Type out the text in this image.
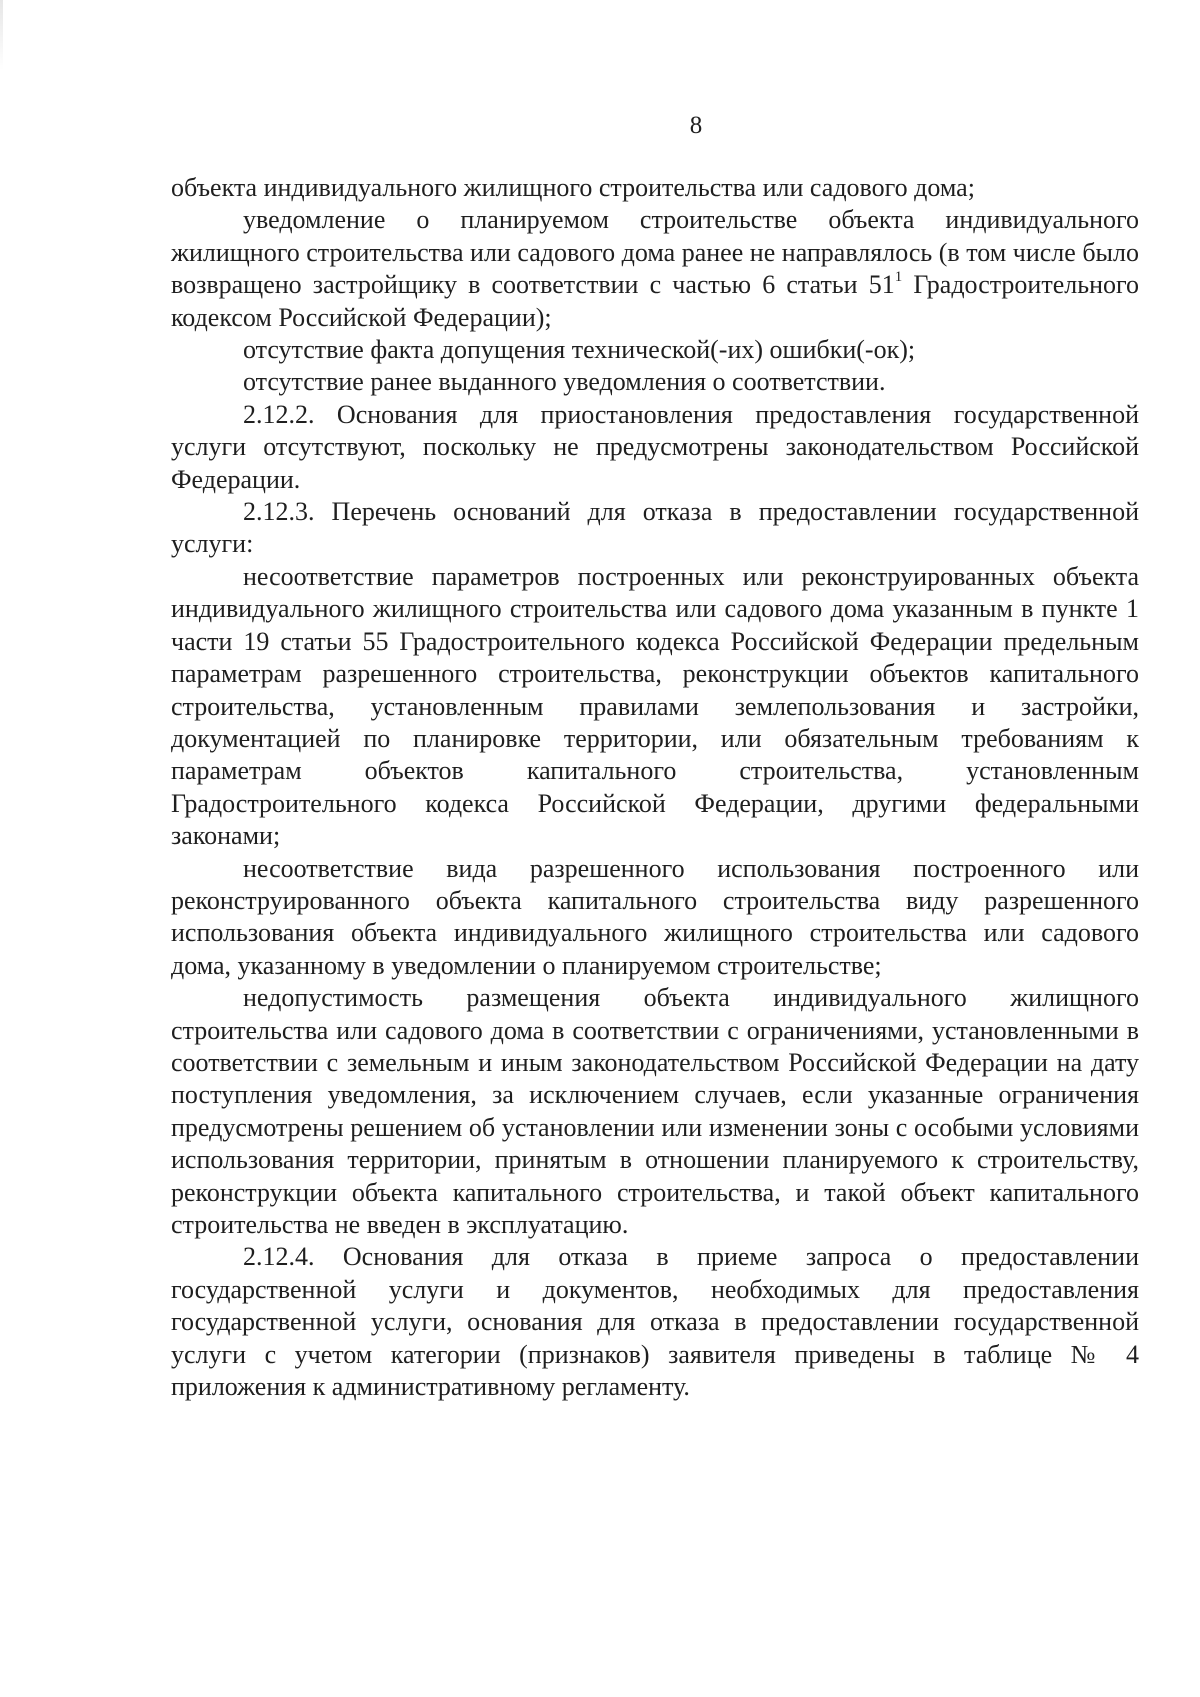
8

объекта индивидуального жилищного строительства или садового дома;

уведомление о планируемом строительстве объекта индивидуального жилищного строительства или садового дома ранее не направлялось (в том числе было возвращено застройщику в соответствии с частью 6 статьи $51^1$ Градостроительного кодексом Российской Федерации);

отсутствие факта допущения технической(-их) ошибки(-ок);

отсутствие ранее выданного уведомления о соответствии.

2.12.2. Основания для приостановления предоставления государственной услуги отсутствуют, поскольку не предусмотрены законодательством Российской Федерации.

2.12.3. Перечень оснований для отказа в предоставлении государственной услуги:

несоответствие параметров построенных или реконструированных объекта индивидуального жилищного строительства или садового дома указанным в пункте 1 части 19 статьи 55 Градостроительного кодекса Российской Федерации предельным параметрам разрешенного строительства, реконструкции объектов капитального строительства, установленным правилами землепользования и застройки, документацией по планировке территории, или обязательным требованиям к параметрам объектов капитального строительства, установленным Градостроительного кодекса Российской Федерации, другими федеральными законами;

несоответствие вида разрешенного использования построенного или реконструированного объекта капитального строительства виду разрешенного использования объекта индивидуального жилищного строительства или садового дома, указанному в уведомлении о планируемом строительстве;

недопустимость размещения объекта индивидуального жилищного строительства или садового дома в соответствии с ограничениями, установленными в соответствии с земельным и иным законодательством Российской Федерации на дату поступления уведомления, за исключением случаев, если указанные ограничения предусмотрены решением об установлении или изменении зоны с особыми условиями использования территории, принятым в отношении планируемого к строительству, реконструкции объекта капитального строительства, и такой объект капитального строительства не введен в эксплуатацию.

2.12.4. Основания для отказа в приеме запроса о предоставлении государственной услуги и документов, необходимых для предоставления государственной услуги, основания для отказа в предоставлении государственной услуги с учетом категории (признаков) заявителя приведены в таблице № 4 приложения к административному регламенту.
